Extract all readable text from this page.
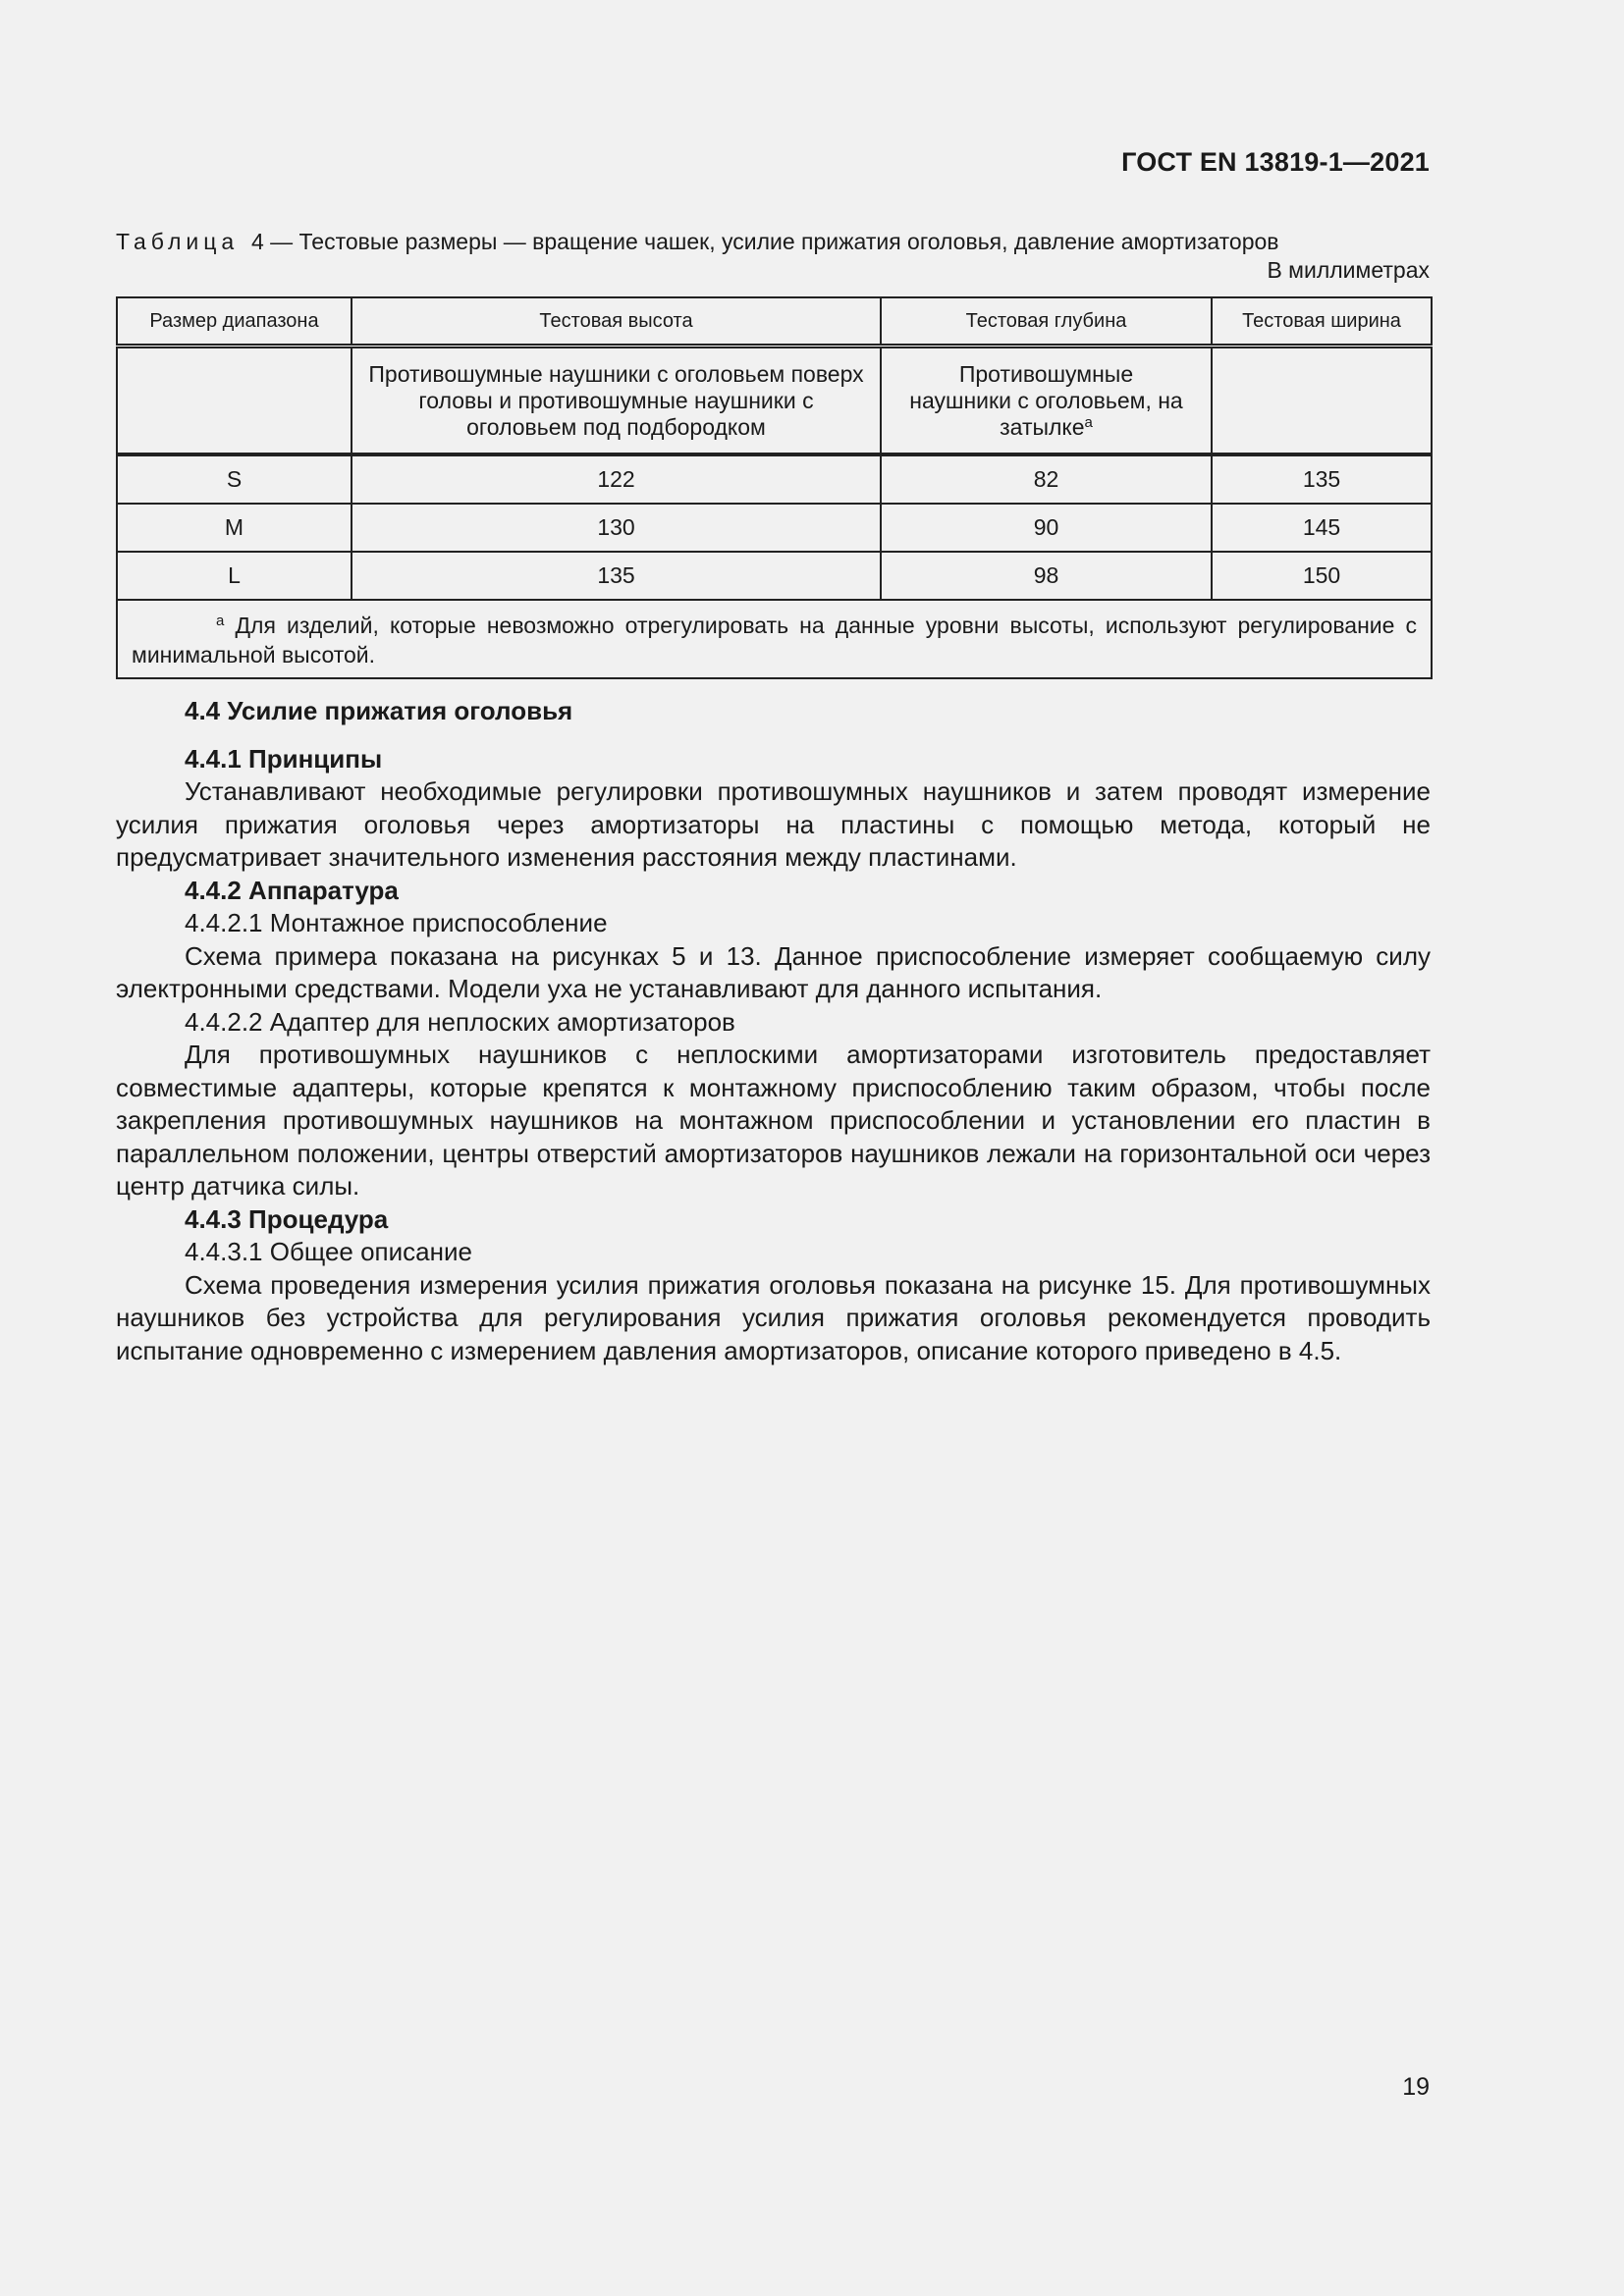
ГОСТ EN 13819-1—2021
Таблица 4 — Тестовые размеры — вращение чашек, усилие прижатия оголовья, давление амортизаторов
В миллиметрах
Размер диапазона	Тестовая высота	Тестовая глубина	Тестовая ширина
	Противошумные наушники с оголовьем поверх головы и противошумные наушники с оголовьем под подбородком	Противошумные наушники с оголовьем, на затылке$^a$	
S	122	82	135
M	130	90	145
L	135	98	150

$^a$ Для изделий, которые невозможно отрегулировать на данные уровни высоты, используют регулирование с минимальной высотой.			

4.4 Усилие прижатия оголовья

4.4.1 Принципы

Устанавливают необходимые регулировки противошумных наушников и затем проводят измерение усилия прижатия оголовья через амортизаторы на пластины с помощью метода, который не предусматривает значительного изменения расстояния между пластинами.

4.4.2 Аппаратура

4.4.2.1 Монтажное приспособление

Схема примера показана на рисунках 5 и 13. Данное приспособление измеряет сообщаемую силу электронными средствами. Модели уха не устанавливают для данного испытания.

4.4.2.2 Адаптер для неплоских амортизаторов

Для противошумных наушников с неплоскими амортизаторами изготовитель предоставляет совместимые адаптеры, которые крепятся к монтажному приспособлению таким образом, чтобы после закрепления противошумных наушников на монтажном приспособлении и установлении его пластин в параллельном положении, центры отверстий амортизаторов наушников лежали на горизонтальной оси через центр датчика силы.

4.4.3 Процедура

4.4.3.1 Общее описание

Схема проведения измерения усилия прижатия оголовья показана на рисунке 15. Для противошумных наушников без устройства для регулирования усилия прижатия оголовья рекомендуется проводить испытание одновременно с измерением давления амортизаторов, описание которого приведено в 4.5.

19
